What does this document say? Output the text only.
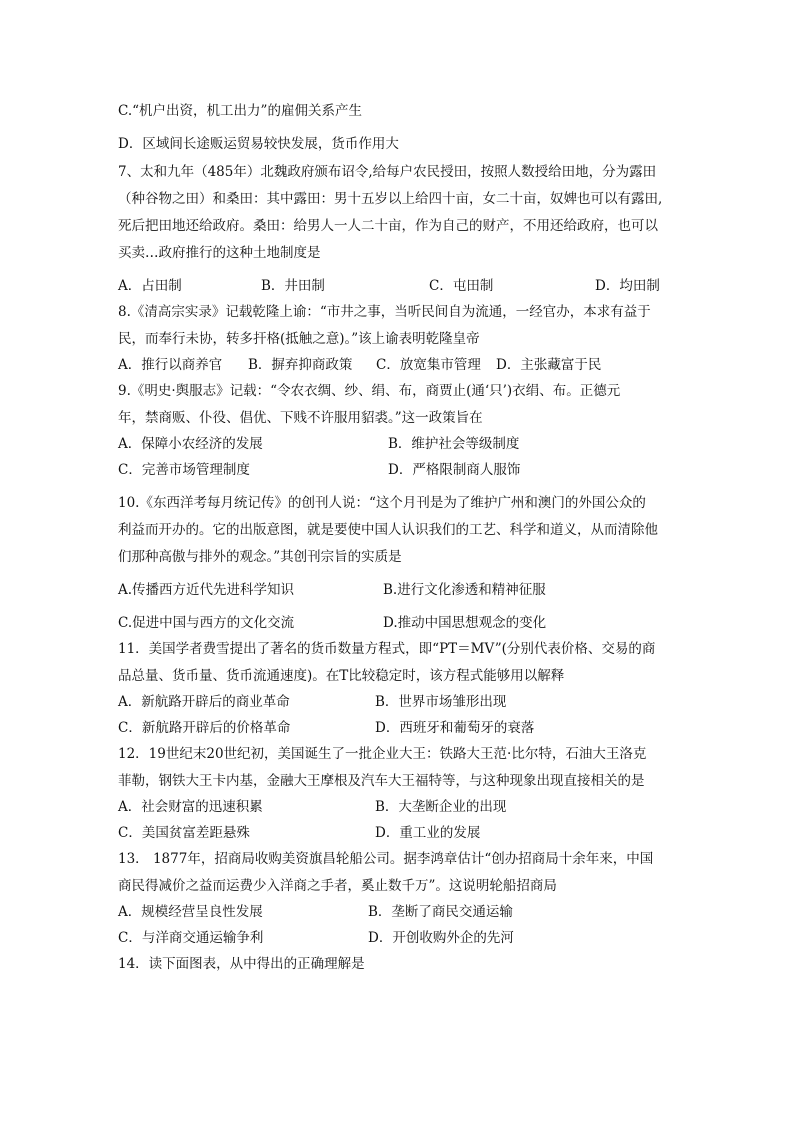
C.“机户出资，机工出力”的雇佣关系产生

D．区域间长途贩运贸易较快发展，货币作用大

7、太和九年（485年）北魏政府颁布诏令,给每户农民授田，按照人数授给田地，分为露田

（种谷物之田）和桑田：其中露田：男十五岁以上给四十亩，女二十亩，奴婢也可以有露田,

死后把田地还给政府。桑田：给男人一人二十亩，作为自己的财产，不用还给政府，也可以

买卖…政府推行的这种土地制度是

A．占田制	B．井田制	C．屯田制	D．均田制

8.《清高宗实录》记载乾隆上谕：“市井之事，当听民间自为流通，一经官办，本求有益于

民，而奉行未协，转多扞格(抵触之意)。”该上谕表明乾隆皇帝

A．推行以商养官	B．摒弃抑商政策	C．放宽集市管理	D．主张藏富于民

9.《明史·舆服志》记载：“令农衣绸、纱、绢、布，商贾止(通‘只’)衣绢、布。正德元

年，禁商贩、仆役、倡优、下贱不许服用貂裘。”这一政策旨在

A．保障小农经济的发展	B．维护社会等级制度
C．完善市场管理制度	D．严格限制商人服饰

10.《东西洋考每月统记传》的创刊人说：“这个月刊是为了维护广州和澳门的外国公众的

利益而开办的。它的出版意图，就是要使中国人认识我们的工艺、科学和道义，从而清除他

们那种高傲与排外的观念。”其创刊宗旨的实质是

A.传播西方近代先进科学知识	B.进行文化渗透和精神征服
C.促进中国与西方的文化交流	D.推动中国思想观念的变化

11．美国学者费雪提出了著名的货币数量方程式，即“PT＝MV”(分别代表价格、交易的商

品总量、货币量、货币流通速度)。在T比较稳定时，该方程式能够用以解释

A．新航路开辟后的商业革命	B．世界市场雏形出现
C．新航路开辟后的价格革命	D．西班牙和葡萄牙的衰落

12．19世纪末20世纪初，美国诞生了一批企业大王：铁路大王范·比尔特，石油大王洛克

菲勒，钢铁大王卡内基，金融大王摩根及汽车大王福特等，与这种现象出现直接相关的是

A．社会财富的迅速积累	B．大垄断企业的出现
C．美国贫富差距悬殊	D．重工业的发展

13． 1877年，招商局收购美资旗昌轮船公司。据李鸿章估计“创办招商局十余年来，中国

商民得减价之益而运费少入洋商之手者，奚止数千万”。这说明轮船招商局

A．规模经营呈良性发展	B．垄断了商民交通运输
C．与洋商交通运输争利	D．开创收购外企的先河

14．读下面图表，从中得出的正确理解是
